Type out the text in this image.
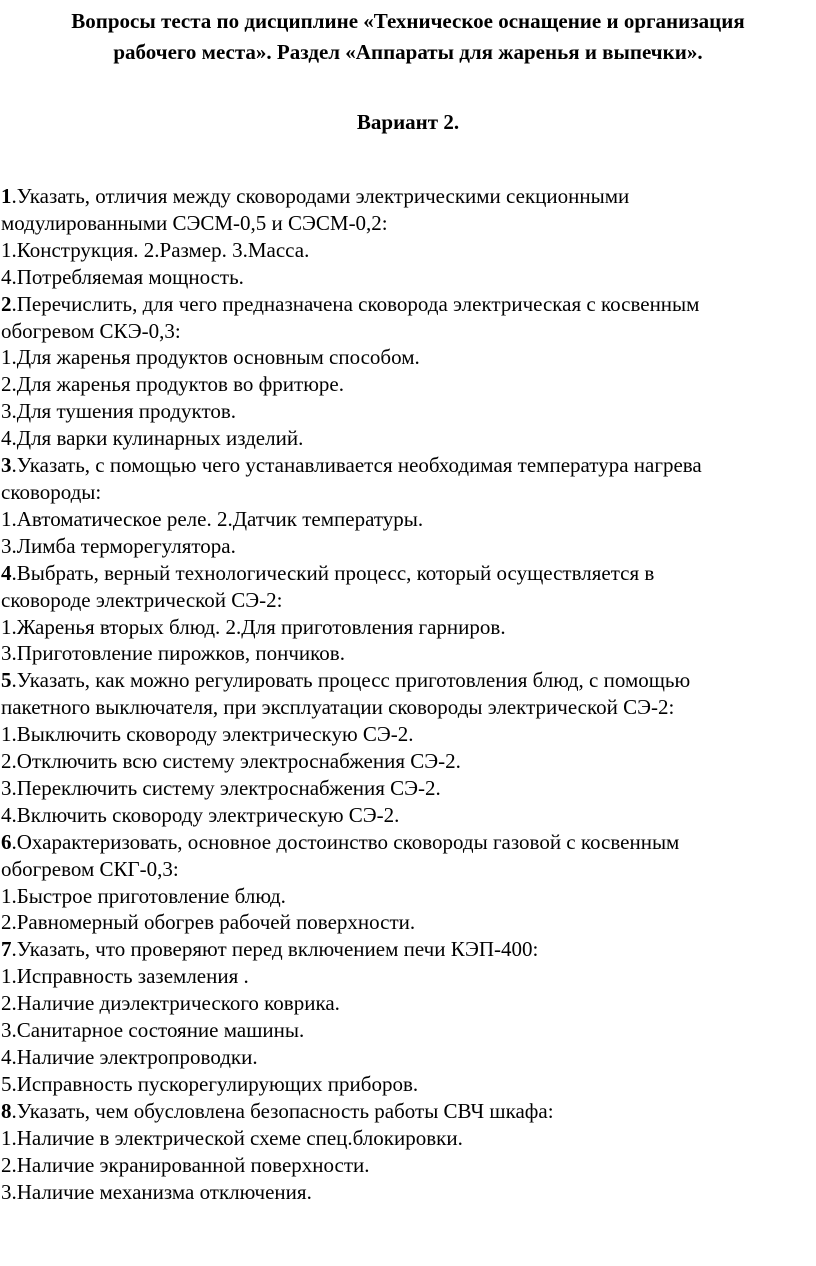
Вопросы теста по дисциплине «Техническое оснащение и организация
рабочего места». Раздел «Аппараты для жаренья и выпечки».
Вариант 2.
1.Указать, отличия между сковородами электрическими секционными
модулированными СЭСМ-0,5 и СЭСМ-0,2:
1.Конструкция. 2.Размер. 3.Масса.
4.Потребляемая мощность.
2.Перечислить, для чего предназначена сковорода электрическая с косвенным
обогревом СКЭ-0,3:
1.Для жаренья продуктов основным способом.
2.Для жаренья продуктов во фритюре.
3.Для тушения продуктов.
4.Для варки кулинарных изделий.
3.Указать, с помощью чего устанавливается необходимая температура нагрева
сковороды:
1.Автоматическое реле. 2.Датчик температуры.
3.Лимба терморегулятора.
4.Выбрать, верный технологический процесс, который осуществляется в
сковороде электрической СЭ-2:
1.Жаренья вторых блюд. 2.Для приготовления гарниров.
3.Приготовление пирожков, пончиков.
5.Указать, как можно регулировать процесс приготовления блюд, с помощью
пакетного выключателя, при эксплуатации сковороды электрической СЭ-2:
1.Выключить сковороду электрическую СЭ-2.
2.Отключить всю систему электроснабжения СЭ-2.
3.Переключить систему электроснабжения СЭ-2.
4.Включить сковороду электрическую СЭ-2.
6.Охарактеризовать, основное достоинство сковороды газовой с косвенным
обогревом СКГ-0,3:
1.Быстрое приготовление блюд.
2.Равномерный обогрев рабочей поверхности.
7.Указать, что проверяют перед включением печи КЭП-400:
1.Исправность заземления .
2.Наличие диэлектрического коврика.
3.Санитарное состояние машины.
4.Наличие электропроводки.
5.Исправность пускорегулирующих приборов.
8.Указать, чем обусловлена безопасность работы СВЧ шкафа:
1.Наличие в электрической схеме спец.блокировки.
2.Наличие экранированной поверхности.
3.Наличие механизма отключения.
